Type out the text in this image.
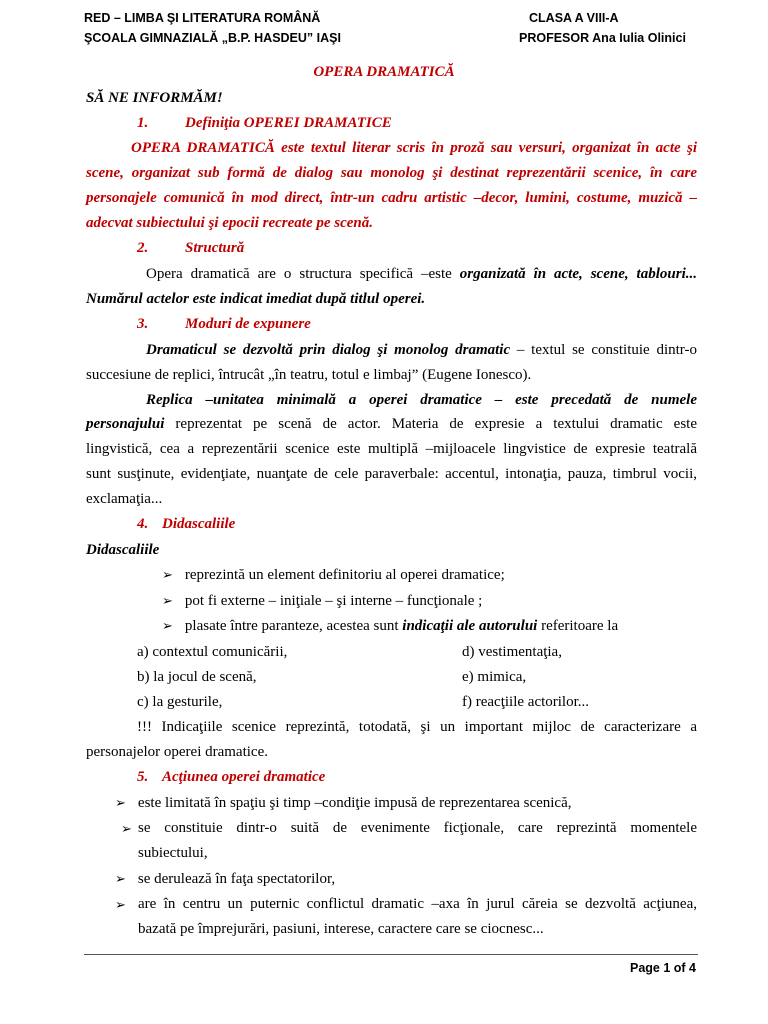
RED – LIMBA ŞI LITERATURA ROMÂNĂ
ŞCOALA GIMNAZIALĂ „B.P. HASDEU” IAŞI
CLASA A VIII-A
PROFESOR Ana Iulia Olinici
OPERA DRAMATICĂ
SĂ NE INFORMĂM!
1. Definiţia OPEREI DRAMATICE
OPERA DRAMATICĂ este textul literar scris în proză sau versuri, organizat în acte şi
scene, organizat sub formă de dialog sau monolog şi destinat reprezentării scenice, în care
personajele comunică în mod direct, într-un cadru artistic –decor, lumini, costume, muzică –
adecvat subiectului şi epocii recreate pe scenă.
2. Structură
Opera dramatică are o structura specifică –este organizată în acte, scene, tablouri...
Numărul actelor este indicat imediat după titlul operei.
3. Moduri de expunere
Dramaticul se dezvoltă prin dialog şi monolog dramatic – textul se constituie dintr-o
succesiune de replici, întrucât „în teatru, totul e limbaj” (Eugene Ionesco).
Replica –unitatea minimală a operei dramatice – este precedată de numele
personajului reprezentat pe scenă de actor. Materia de expresie a textului dramatic este
lingvistică, cea a reprezentării scenice este multiplă –mijloacele lingvistice de expresie teatrală
sunt susţinute, evidenţiate, nuanţate de cele paraverbale: accentul, intonaţia, pauza, timbrul vocii,
exclamaţia...
4. Didascaliile
Didascaliile
➢ reprezintă un element definitoriu al operei dramatice;
➢ pot fi externe – iniţiale – şi interne – funcţionale ;
➢ plasate între paranteze, acestea sunt indicaţii ale autorului referitoare la
a) contextul comunicării,
b) la jocul de scenă,
c) la gesturile,
d) vestimentaţia,
e) mimica,
f) reacţiile actorilor...
!!! Indicaţiile scenice reprezintă, totodată, şi un important mijloc de caracterizare a
personajelor operei dramatice.
5. Acţiunea operei dramatice
➢ este limitată în spaţiu şi timp –condiţie impusă de reprezentarea scenică,
➢ se constituie dintr-o suită de evenimente ficţionale, care reprezintă momentele
subiectului,
➢ se derulează în faţa spectatorilor,
➢ are în centru un puternic conflictul dramatic –axa în jurul căreia se dezvoltă acţiunea,
bazată pe împrejurări, pasiuni, interese, caractere care se ciocnesc...
Page 1 of 4
